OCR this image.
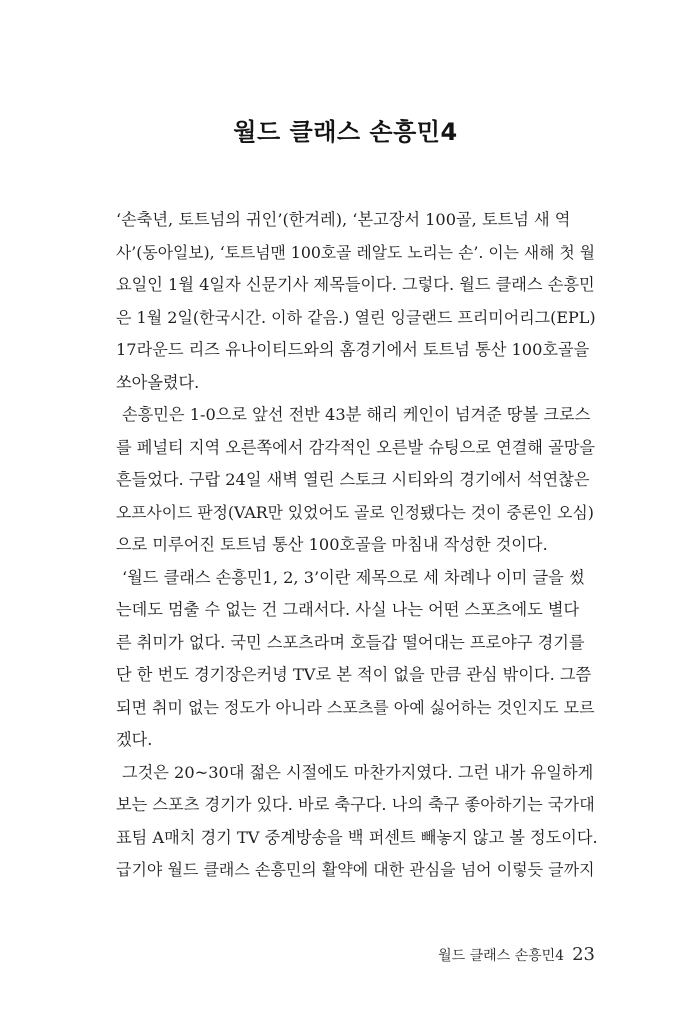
월드 클래스 손흥민4
‘손축년, 토트넘의 귀인’(한겨레), ‘본고장서 100골, 토트넘 새 역
사’(동아일보), ‘토트넘맨 100호골 레알도 노리는 손’. 이는 새해 첫 월
요일인 1월 4일자 신문기사 제목들이다. 그렇다. 월드 클래스 손흥민
은 1월 2일(한국시간. 이하 같음.) 열린 잉글랜드 프리미어리그(EPL)
17라운드 리즈 유나이티드와의 홈경기에서 토트넘 통산 100호골을
쏘아올렸다.
손흥민은 1-0으로 앞선 전반 43분 해리 케인이 넘겨준 땅볼 크로스
를 페널티 지역 오른쪽에서 감각적인 오른발 슈팅으로 연결해 골망을
흔들었다. 구랍 24일 새벽 열린 스토크 시티와의 경기에서 석연찮은
오프사이드 판정(VAR만 있었어도 골로 인정됐다는 것이 중론인 오심)
으로 미루어진 토트넘 통산 100호골을 마침내 작성한 것이다.
‘월드 클래스 손흥민1, 2, 3’이란 제목으로 세 차례나 이미 글을 썼
는데도 멈출 수 없는 건 그래서다. 사실 나는 어떤 스포츠에도 별다
른 취미가 없다. 국민 스포츠라며 호들갑 떨어대는 프로야구 경기를
단 한 번도 경기장은커녕 TV로 본 적이 없을 만큼 관심 밖이다. 그쯤
되면 취미 없는 정도가 아니라 스포츠를 아예 싫어하는 것인지도 모르
겠다.
그것은 20~30대 젊은 시절에도 마찬가지였다. 그런 내가 유일하게
보는 스포츠 경기가 있다. 바로 축구다. 나의 축구 좋아하기는 국가대
표팀 A매치 경기 TV 중계방송을 백 퍼센트 빼놓지 않고 볼 정도이다.
급기야 월드 클래스 손흥민의 활약에 대한 관심을 넘어 이렇듯 글까지
월드 클래스 손흥민4 23
